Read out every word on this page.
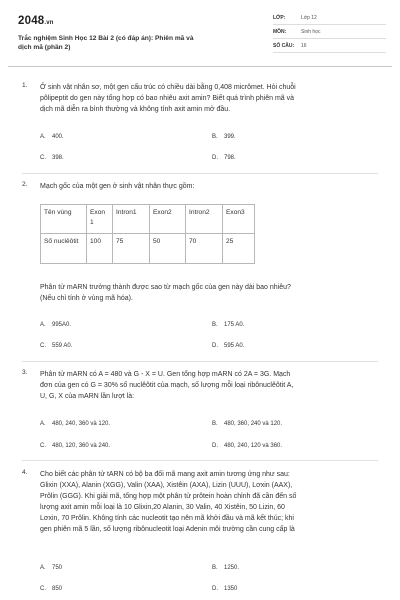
2048.vn
Trắc nghiệm Sinh Học 12 Bài 2 (có đáp án): Phiên mã và
dịch mã (phần 2)
LỚP:	Lớp 12
MÔN:	Sinh học
SỐ CÂU: 16
1. Ở sinh vật nhân sơ, một gen cấu trúc có chiều dài bằng 0,408 micrômet. Hỏi chuỗi
pôlipeptit do gen này tổng hợp có bao nhiêu axit amin? Biết quá trình phiên mã và
dịch mã diễn ra bình thường và không tính axit amin mở đầu.
A. 400.	B. 399.
C. 398.	D. 798.
2. Mạch gốc của một gen ở sinh vật nhân thực gồm:
Tên vùng	Exon 1	Intron1	Exon2	Intron2	Exon3
Số nuclêôtit	100	75	50	70	25
Phân tử mARN trưởng thành được sao từ mạch gốc của gen này dài bao nhiêu?
(Nếu chỉ tính ở vùng mã hóa).
A. 995A0.	B. 175 A0.
C. 559 A0.	D. 595 A0.
3. Phân tử mARN có A = 480 và G - X = U. Gen tổng hợp mARN có 2A = 3G. Mạch
đơn của gen có G = 30% số nuclêôtit của mạch, số lượng mỗi loại ribônuclêôtit A,
U, G, X của mARN lần lượt là:
A. 480, 240, 360 và 120.	B. 480, 360, 240 và 120.
C. 480, 120, 360 và 240.	D. 480, 240, 120 và 360.
4. Cho biết các phân tử tARN có bộ ba đối mã mang axit amin tương ứng như sau:
Glixin (XXA), Alanin (XGG), Valin (XAA), Xistêin (AXA), Lizin (UUU), Lơxin (AAX),
Prôlin (GGG). Khi giải mã, tổng hợp một phân tử prôtein hoàn chỉnh đã cần đến số
lượng axit amin mỗi loại là 10 Glixin,20 Alanin, 30 Valin, 40 Xistêin, 50 Lizin, 60
Lơxin, 70 Prôlin. Không tính các nucleotit tạo nên mã khởi đầu và mã kết thúc; khi
gen phiên mã 5 lần, số lượng ribônucleotit loại Adenin môi trường cần cung cấp là
A. 750	B. 1250.
C. 850	D. 1350
